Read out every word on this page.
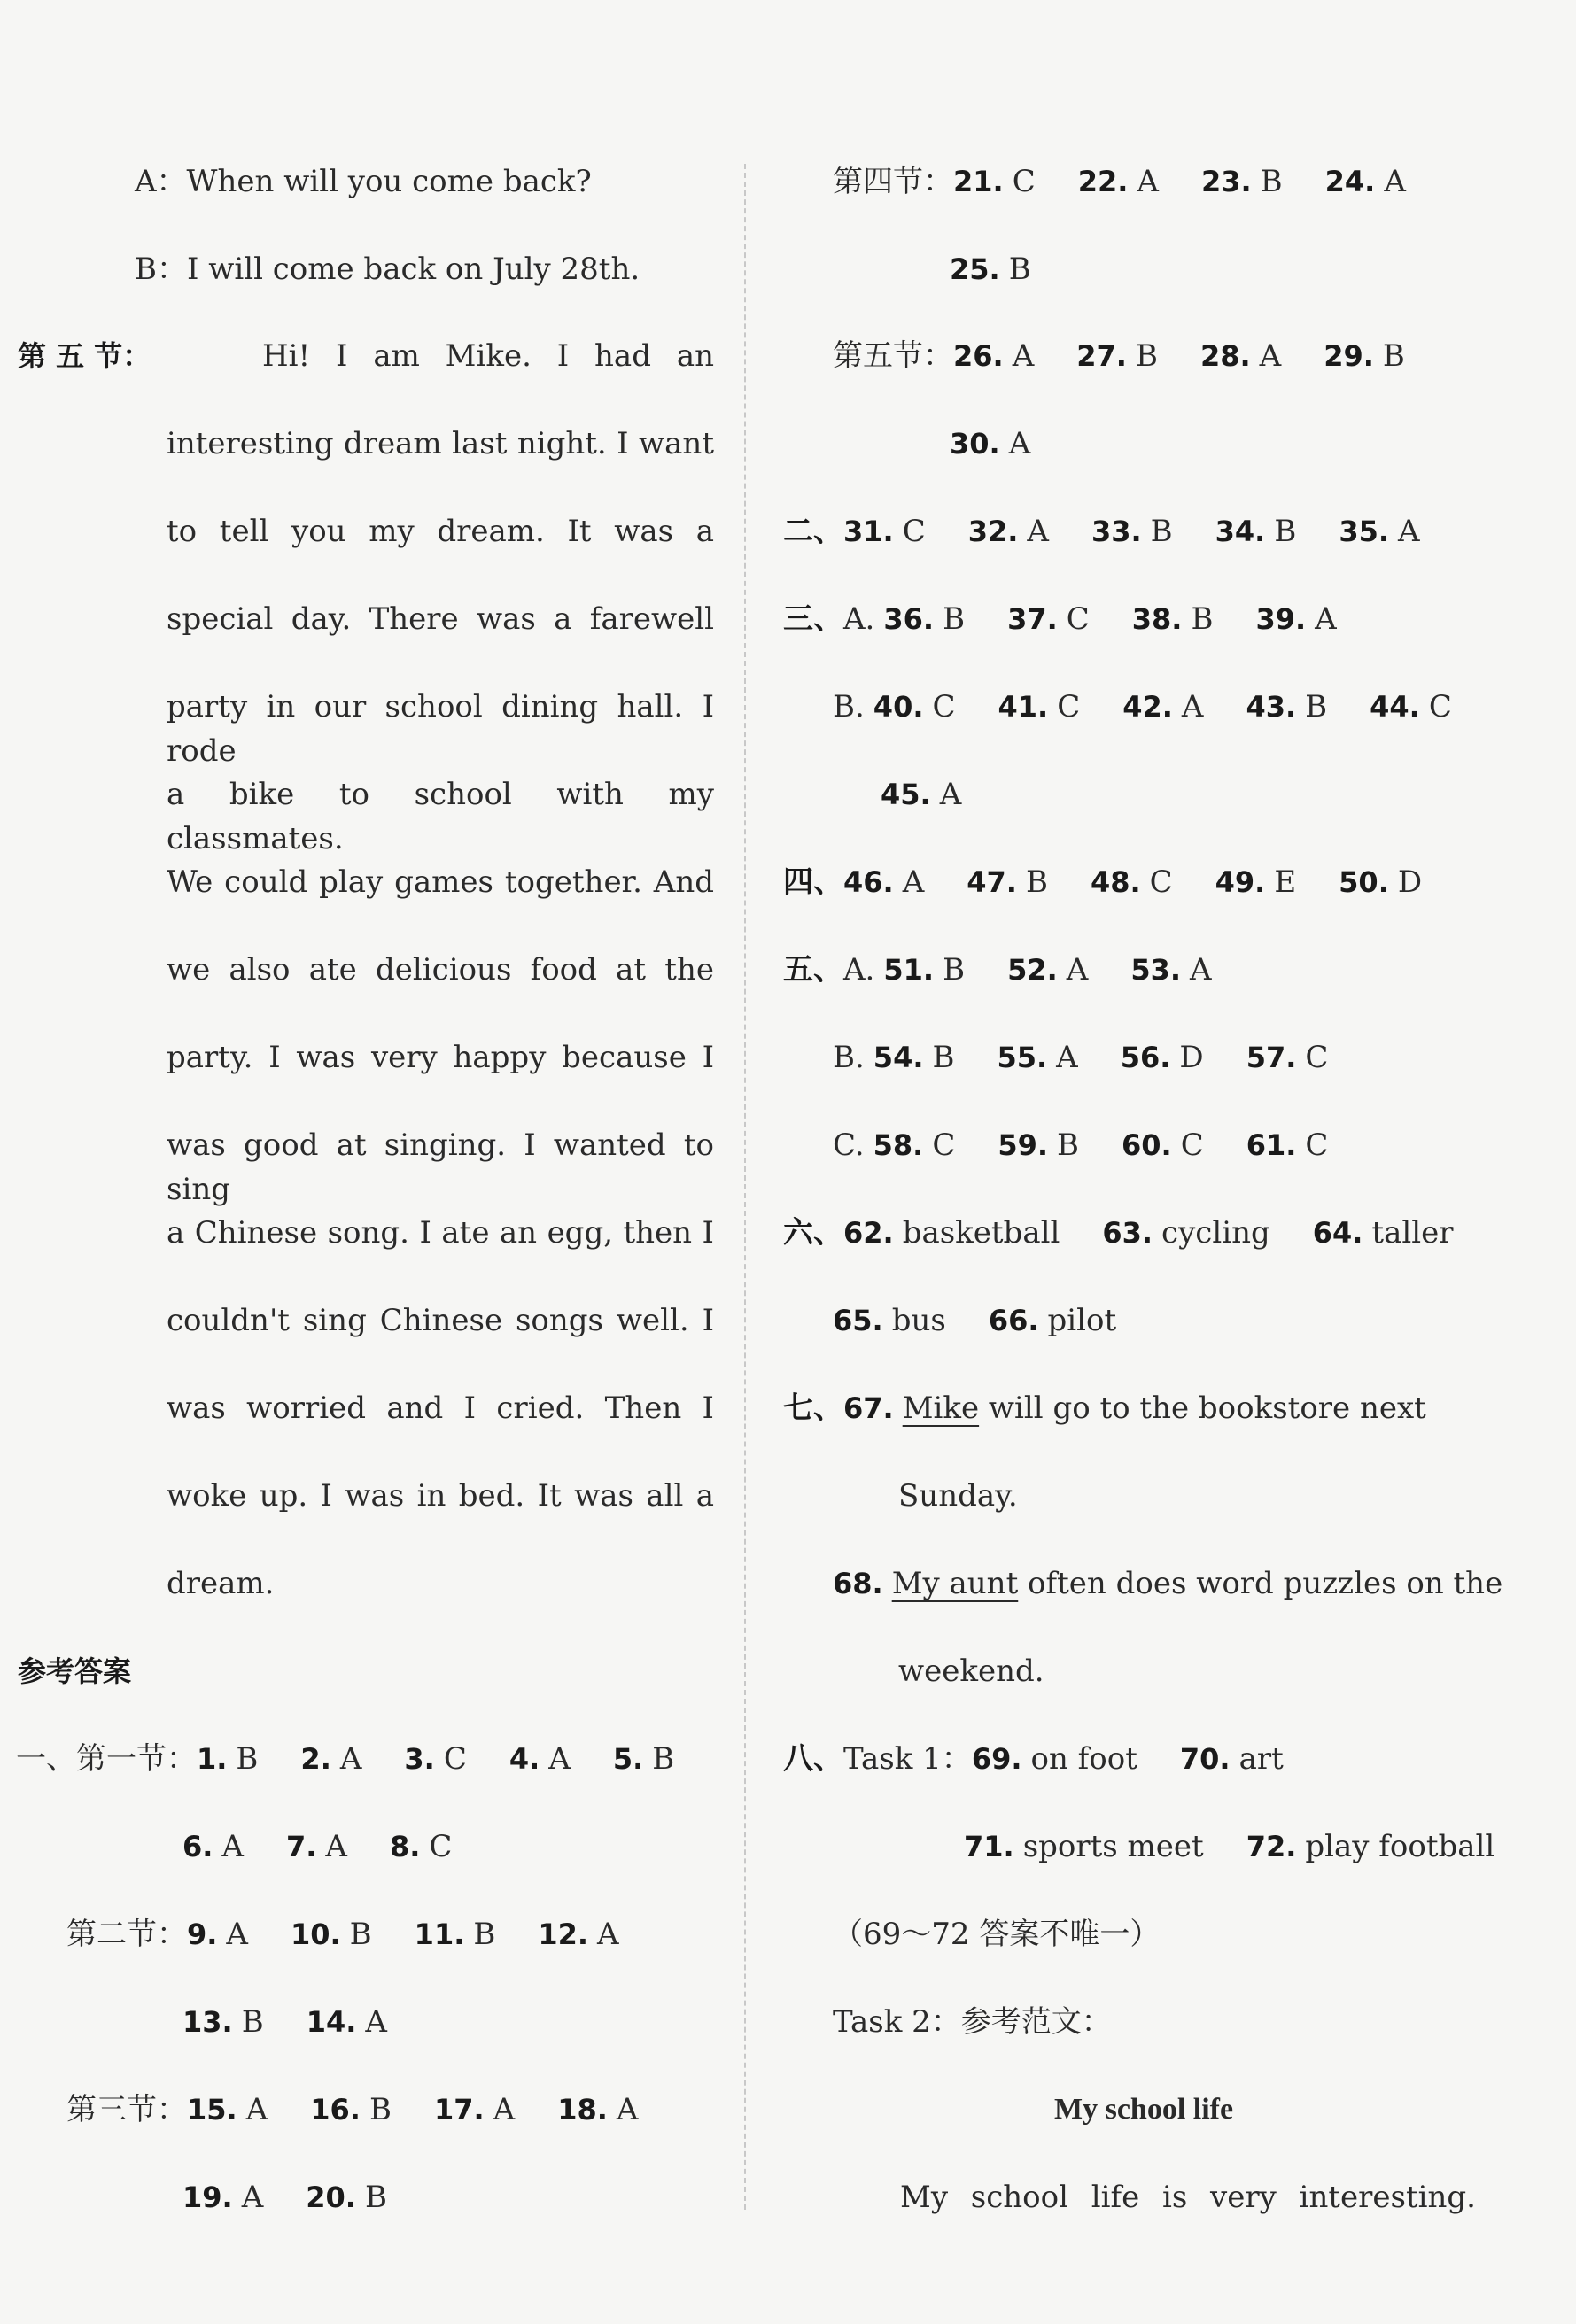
A：When will you come back?
B：I will come back on July 28th.
第 五 节：	Hi! I am Mike. I had an
interesting dream last night. I want
to tell you my dream. It was a
special day. There was a farewell
party in our school dining hall. I rode
a bike to school with my classmates.
We could play games together. And
we also ate delicious food at the
party. I was very happy because I
was good at singing. I wanted to sing
a Chinese song. I ate an egg, then I
couldn't sing Chinese songs well. I
was worried and I cried. Then I
woke up. I was in bed. It was all a
dream.
参考答案
一、第一节：1. B 2. A 3. C 4. A 5. B
6. A 7. A 8. C
第二节：9. A 10. B 11. B 12. A
13. B 14. A
第三节：15. A 16. B 17. A 18. A
19. A 20. B
第四节：21. C 22. A 23. B 24. A
25. B
第五节：26. A 27. B 28. A 29. B
30. A
二、31. C 32. A 33. B 34. B 35. A
三、A. 36. B 37. C 38. B 39. A
B. 40. C 41. C 42. A 43. B 44. C
45. A
四、46. A 47. B 48. C 49. E 50. D
五、A. 51. B 52. A 53. A
B. 54. B 55. A 56. D 57. C
C. 58. C 59. B 60. C 61. C
六、62. basketball 63. cycling 64. taller
65. bus 66. pilot
七、67. Mike will go to the bookstore next
Sunday.
68. My aunt often does word puzzles on the
weekend.
八、Task 1：69. on foot 70. art
71. sports meet 72. play football
（69～72 答案不唯一）
Task 2：参考范文：
My school life
My school life is very interesting.
